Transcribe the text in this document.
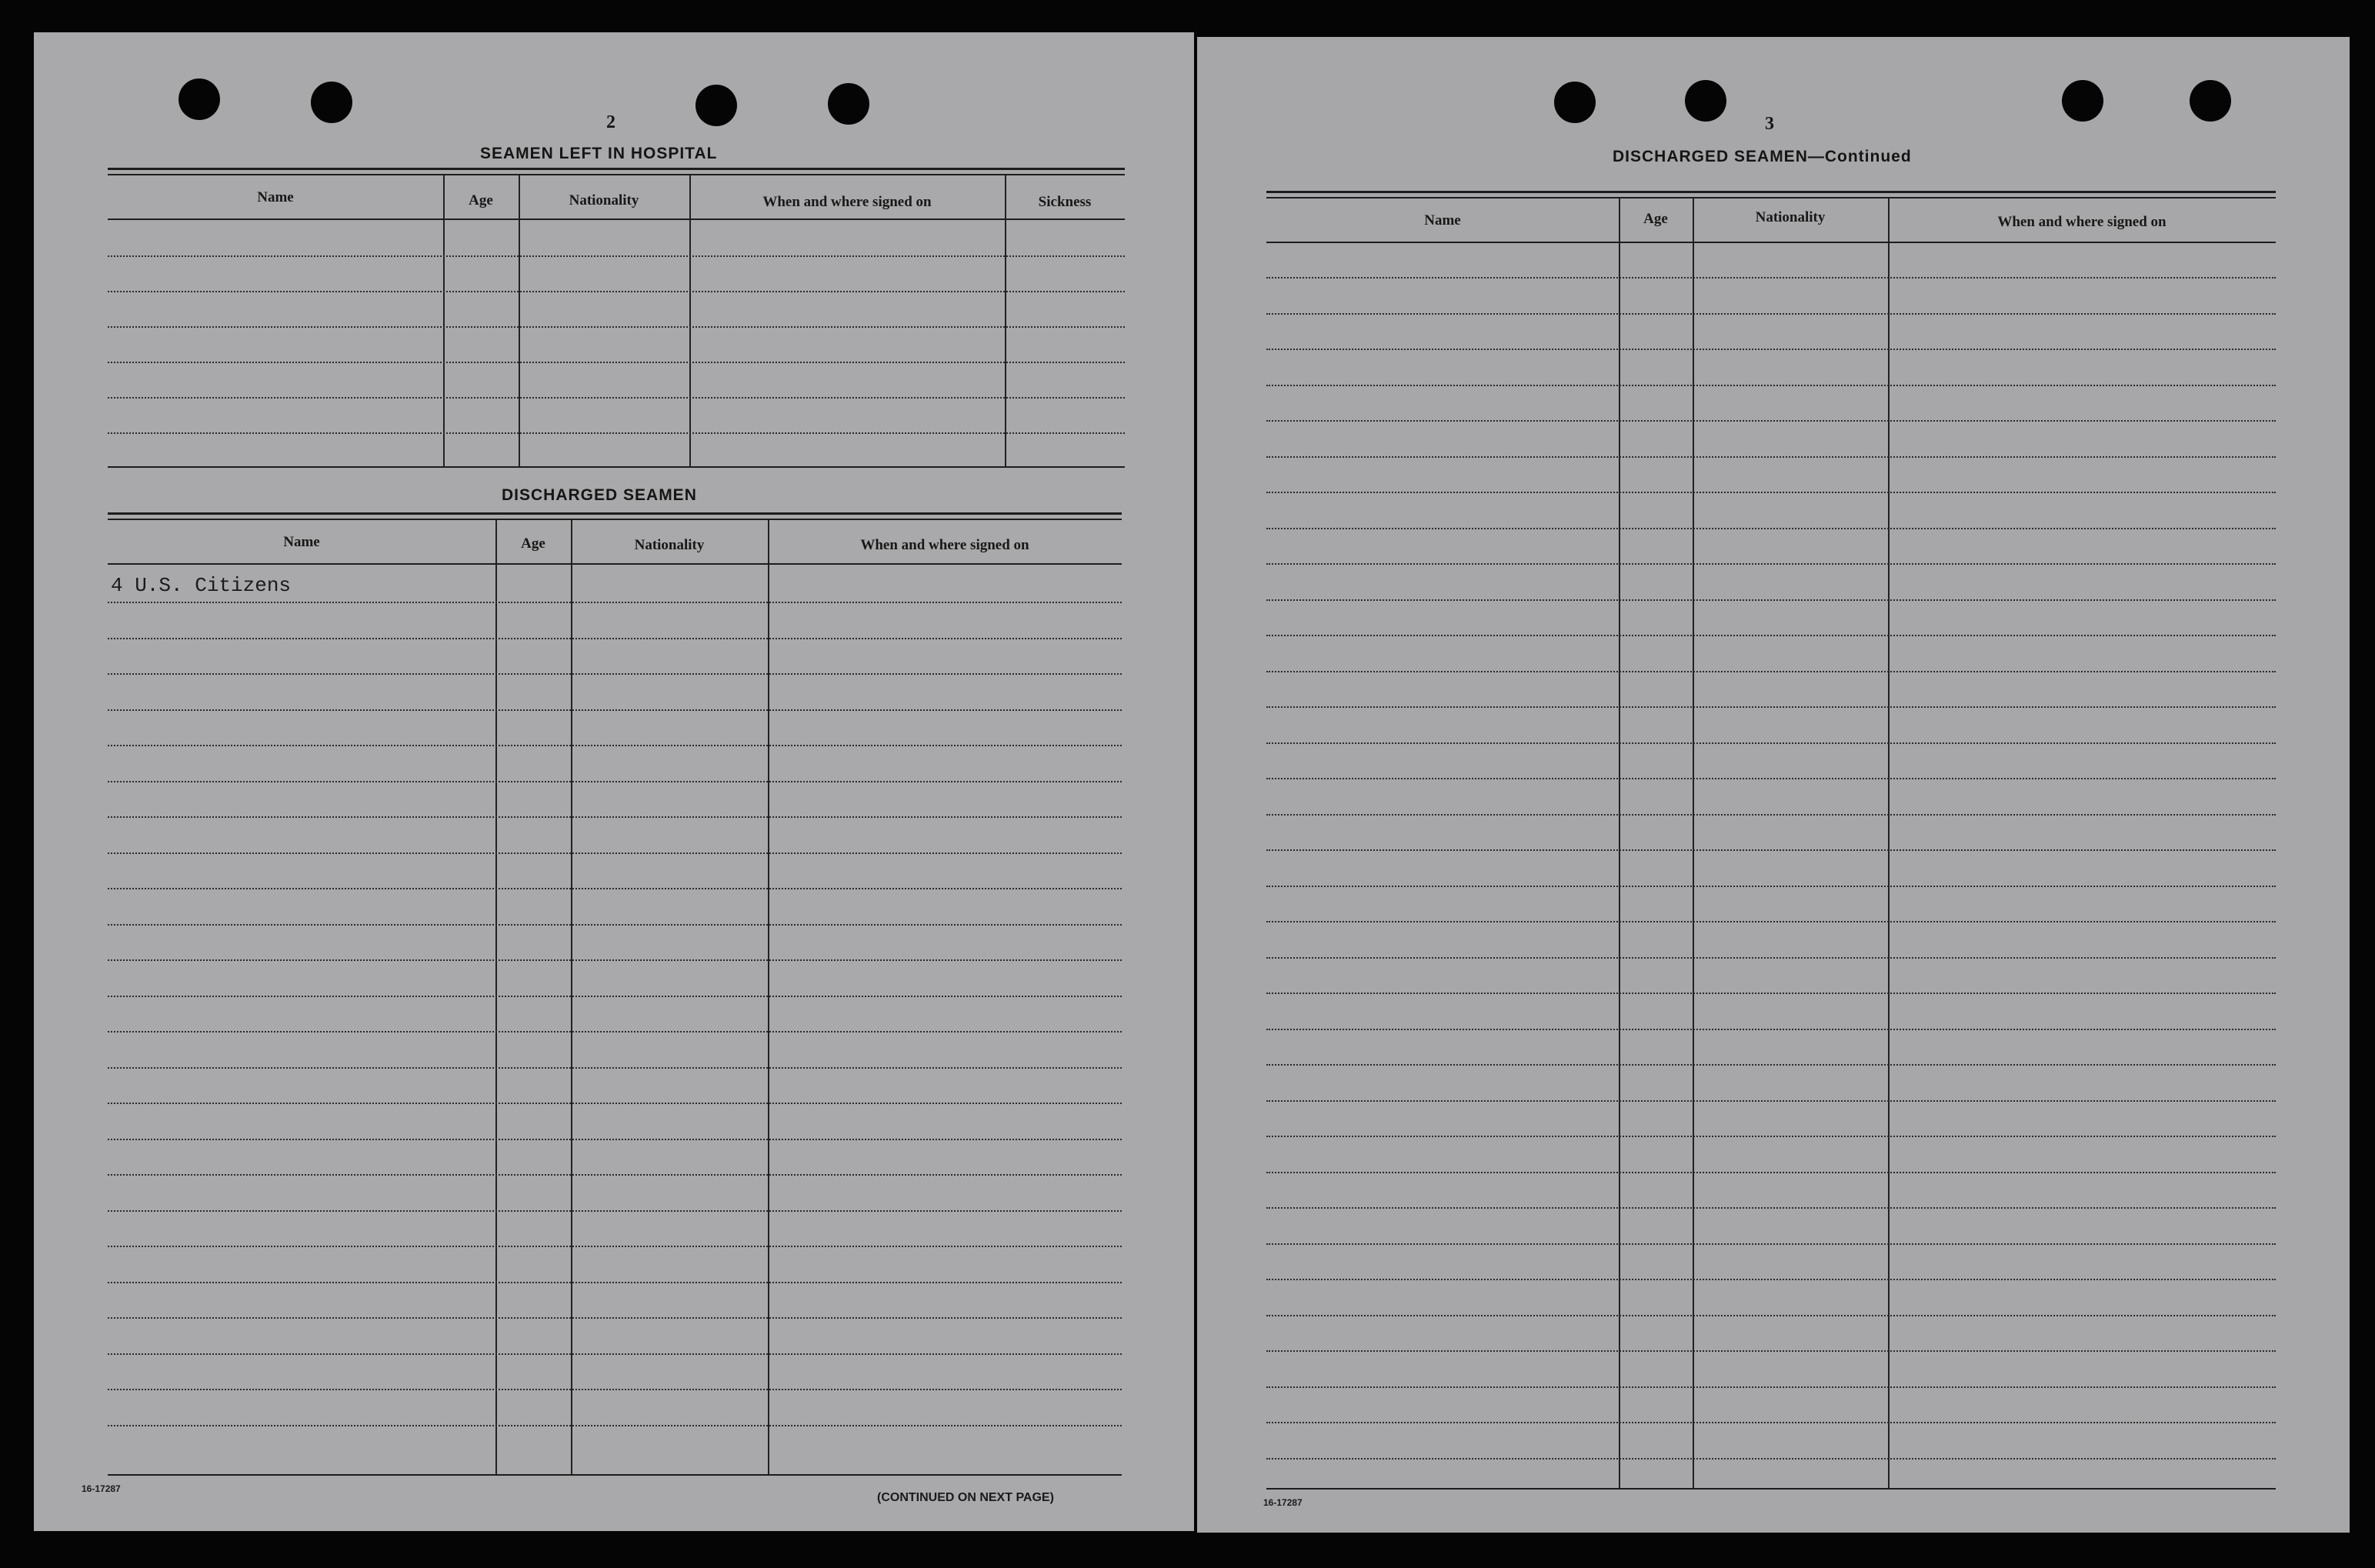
2
SEAMEN LEFT IN HOSPITAL
Name	Age	Nationality	When and where signed on	Sickness
DISCHARGED SEAMEN
Name	Age	Nationality	When and where signed on
4 U.S. Citizens
16-17287
(CONTINUED ON NEXT PAGE)
3
DISCHARGED SEAMEN—Continued
Name	Age	Nationality	When and where signed on
16-17287
